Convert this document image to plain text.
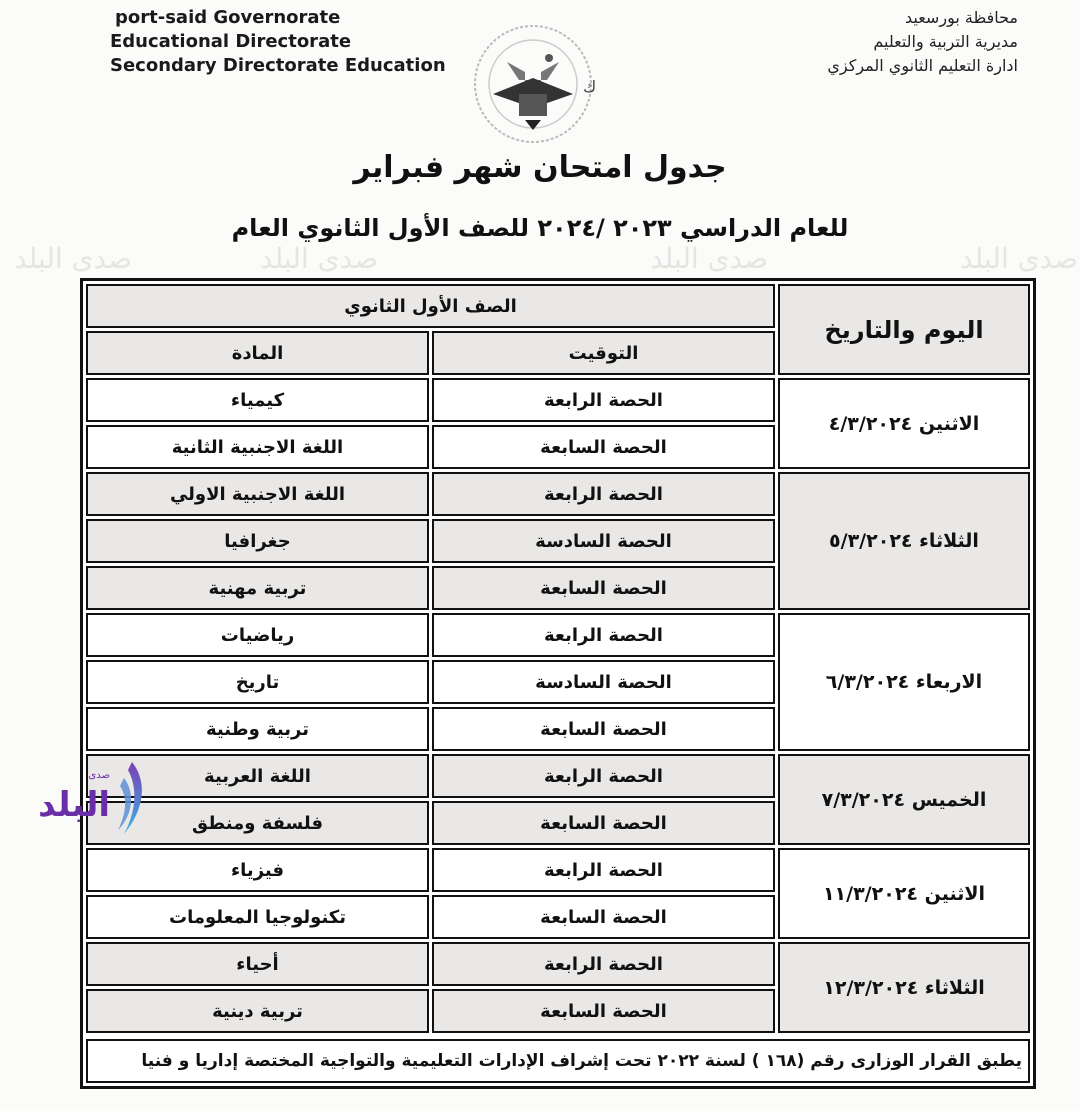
port-said Governorate
Educational Directorate
Secondary Directorate Education
محافظة بورسعيد
مديرية التربية والتعليم
ادارة التعليم الثانوي المركزي
ك
جدول امتحان شهر فبراير
للعام الدراسي ٢٠٢٣ /٢٠٢٤ للصف الأول الثانوي العام
صدى البلد	صدى البلد	صدى البلد	صدى البلد
اليوم والتاريخ	الصف الأول الثانوي	
	التوقيت	المادة
الاثنين ٤/٣/٢٠٢٤	الحصة الرابعة	كيمياء
	الحصة السابعة	اللغة الاجنبية الثانية
الثلاثاء ٥/٣/٢٠٢٤	الحصة الرابعة	اللغة الاجنبية الاولي
	الحصة السادسة	جغرافيا
	الحصة السابعة	تربية مهنية
الاربعاء ٦/٣/٢٠٢٤	الحصة الرابعة	رياضيات
	الحصة السادسة	تاريخ
	الحصة السابعة	تربية وطنية
الخميس ٧/٣/٢٠٢٤	الحصة الرابعة	اللغة العربية
	الحصة السابعة	فلسفة ومنطق
الاثنين ١١/٣/٢٠٢٤	الحصة الرابعة	فيزياء
	الحصة السابعة	تكنولوجيا المعلومات
الثلاثاء ١٢/٣/٢٠٢٤	الحصة الرابعة	أحياء
	الحصة السابعة	تربية دينية
يطبق القرار الوزارى رقم (١٦٨ ) لسنة ٢٠٢٢ تحت إشراف الإدارات التعليمية والتواجية المختصة إداريا و فنيا
البلد
صدى
